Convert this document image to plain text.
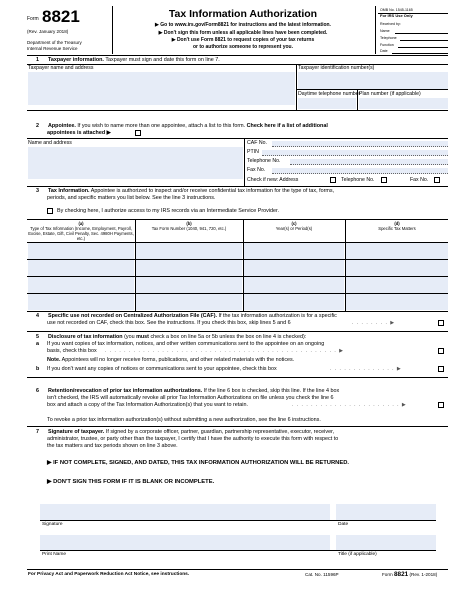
Form 8821
(Rev. January 2018)
Department of the Treasury
Internal Revenue Service
Tax Information Authorization
▶ Go to www.irs.gov/Form8821 for instructions and the latest information.
▶ Don't sign this form unless all applicable lines have been completed.
▶ Don't use Form 8821 to request copies of your tax returns
or to authorize someone to represent you.
OMB No. 1545-1165
For IRS Use Only
Received by:
Name
Telephone
Function
Date
1 Taxpayer information. Taxpayer must sign and date this form on line 7.
Taxpayer name and address	Taxpayer identification number(s)
Daytime telephone number
Plan number (if applicable)
2 Appointee. If you wish to name more than one appointee, attach a list to this form. Check here if a list of additional
appointees is attached ▶
Name and address	CAF No.
PTIN
Telephone No.
Fax No.
Check if new: Address	Telephone No.	Fax No.
3 Tax Information. Appointee is authorized to inspect and/or receive confidential tax information for the type of tax, forms,
periods, and specific matters you list below. See the line 3 instructions.
By checking here, I authorize access to my IRS records via an Intermediate Service Provider.
(a)
Type of Tax Information (Income, Employment, Payroll, Excise, Estate, Gift, Civil Penalty, Sec. 4980H Payments, etc.)
(b)
Tax Form Number (1040, 941, 720, etc.)
(c)
Year(s) or Period(s)
(d)
Specific Tax Matters
4 Specific use not recorded on Centralized Authorization File (CAF). If the tax information authorization is for a specific
use not recorded on CAF, check this box. See the instructions. If you check this box, skip lines 5 and 6	. . . . . . . . ▶
5 Disclosure of tax information (you must check a box on line 5a or 5b unless the box on line 4 is checked):
a If you want copies of tax information, notices, and other written communications sent to the appointee on an ongoing
basis, check this box . . . . . . . . . . . . . . . . . . . . . . . . . . . . . . . . . . . . . . . . . . . . . . . . . ▶
Note. Appointees will no longer receive forms, publications, and other related materials with the notices.
b If you don't want any copies of notices or communications sent to your appointee, check this box	. . . . . . . . . . . . . . ▶
6 Retention/revocation of prior tax information authorizations. If the line 6 box is checked, skip this line. If the line 4 box
isn't checked, the IRS will automatically revoke all prior Tax Information Authorizations on file unless you check the line 6
box and attach a copy of the Tax Information Authorization(s) that you want to retain.	. . . . . . . . . . . . . . . . . . . . . . . ▶
To revoke a prior tax information authorization(s) without submitting a new authorization, see the line 6 instructions.
7 Signature of taxpayer. If signed by a corporate officer, partner, guardian, partnership representative, executor, receiver,
administrator, trustee, or party other than the taxpayer, I certify that I have the authority to execute this form with respect to
the tax matters and tax periods shown on line 3 above.
▶ IF NOT COMPLETE, SIGNED, AND DATED, THIS TAX INFORMATION AUTHORIZATION WILL BE RETURNED.
▶ DON'T SIGN THIS FORM IF IT IS BLANK OR INCOMPLETE.
Signature	Date
Print Name	Title (if applicable)
For Privacy Act and Paperwork Reduction Act Notice, see instructions.	Cat. No. 11596P	Form 8821 (Rev. 1-2018)
